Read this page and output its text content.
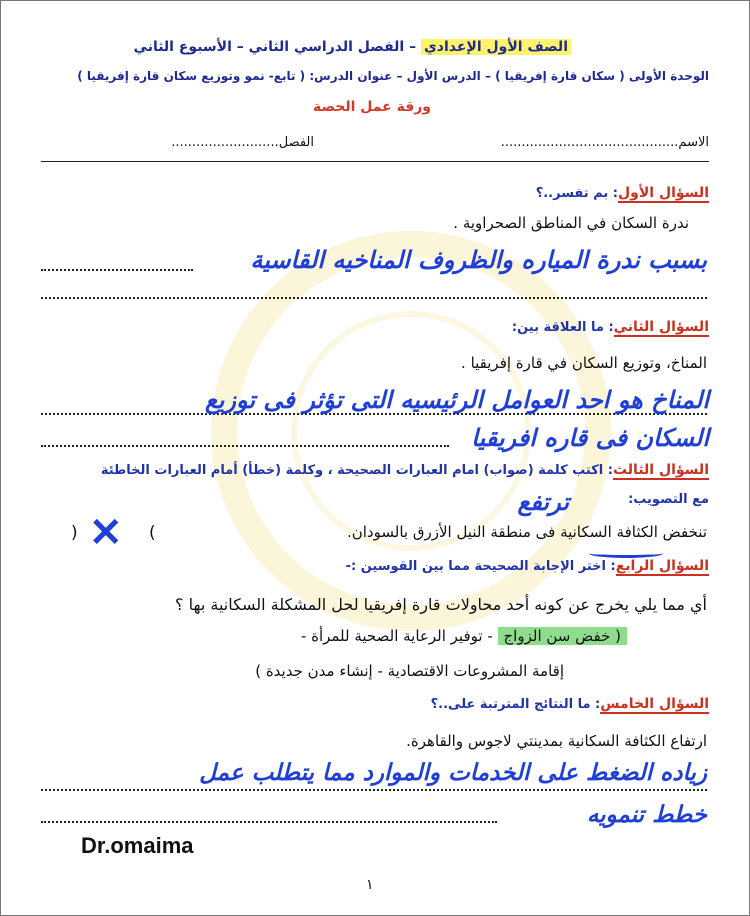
الصف الأول الإعدادي – الفصل الدراسي الثاني – الأسبوع الثاني
الوحدة الأولى ( سكان قارة إفريقيا ) – الدرس الأول – عنوان الدرس: ( تابع- نمو وتوزيع سكان قارة إفريقيا )
ورقة عمل الحصة
الاسم...........................................
الفصل..........................
السؤال الأول: بم تفسر..؟
ندرة السكان في المناطق الصحراوية .
بسبب ندرة المياره والظروف المناخيه القاسية
السؤال الثاني: ما العلاقة بين:
المناخ، وتوزيع السكان في قارة إفريقيا .
المناخ هو احد العوامل الرئيسيه التى تؤثر فى توزيع
السكان فى قاره افريقيا
السؤال الثالث: اكتب كلمة (صواب) امام العبارات الصحيحة ، وكلمة (خطأ) أمام العبارات الخاطئة
مع التصويب:
ترتفع
تنخفض الكثافة السكانية فى منطقة النيل الأزرق بالسودان.
( ✕ )
السؤال الرابع: اختر الإجابة الصحيحة مما بين القوسين :-
أي مما يلي يخرج عن كونه أحد محاولات قارة إفريقيا لحل المشكلة السكانية بها ؟
( خفض سن الزواج - توفير الرعاية الصحية للمرأة -
إقامة المشروعات الاقتصادية - إنشاء مدن جديدة )
السؤال الخامس: ما النتائج المترتبة على..؟
ارتفاع الكثافة السكانية بمدينتي لاجوس والقاهرة.
زياده الضغط على الخدمات والموارد مما يتطلب عمل
خطط تنمويه
Dr.omaima
١
